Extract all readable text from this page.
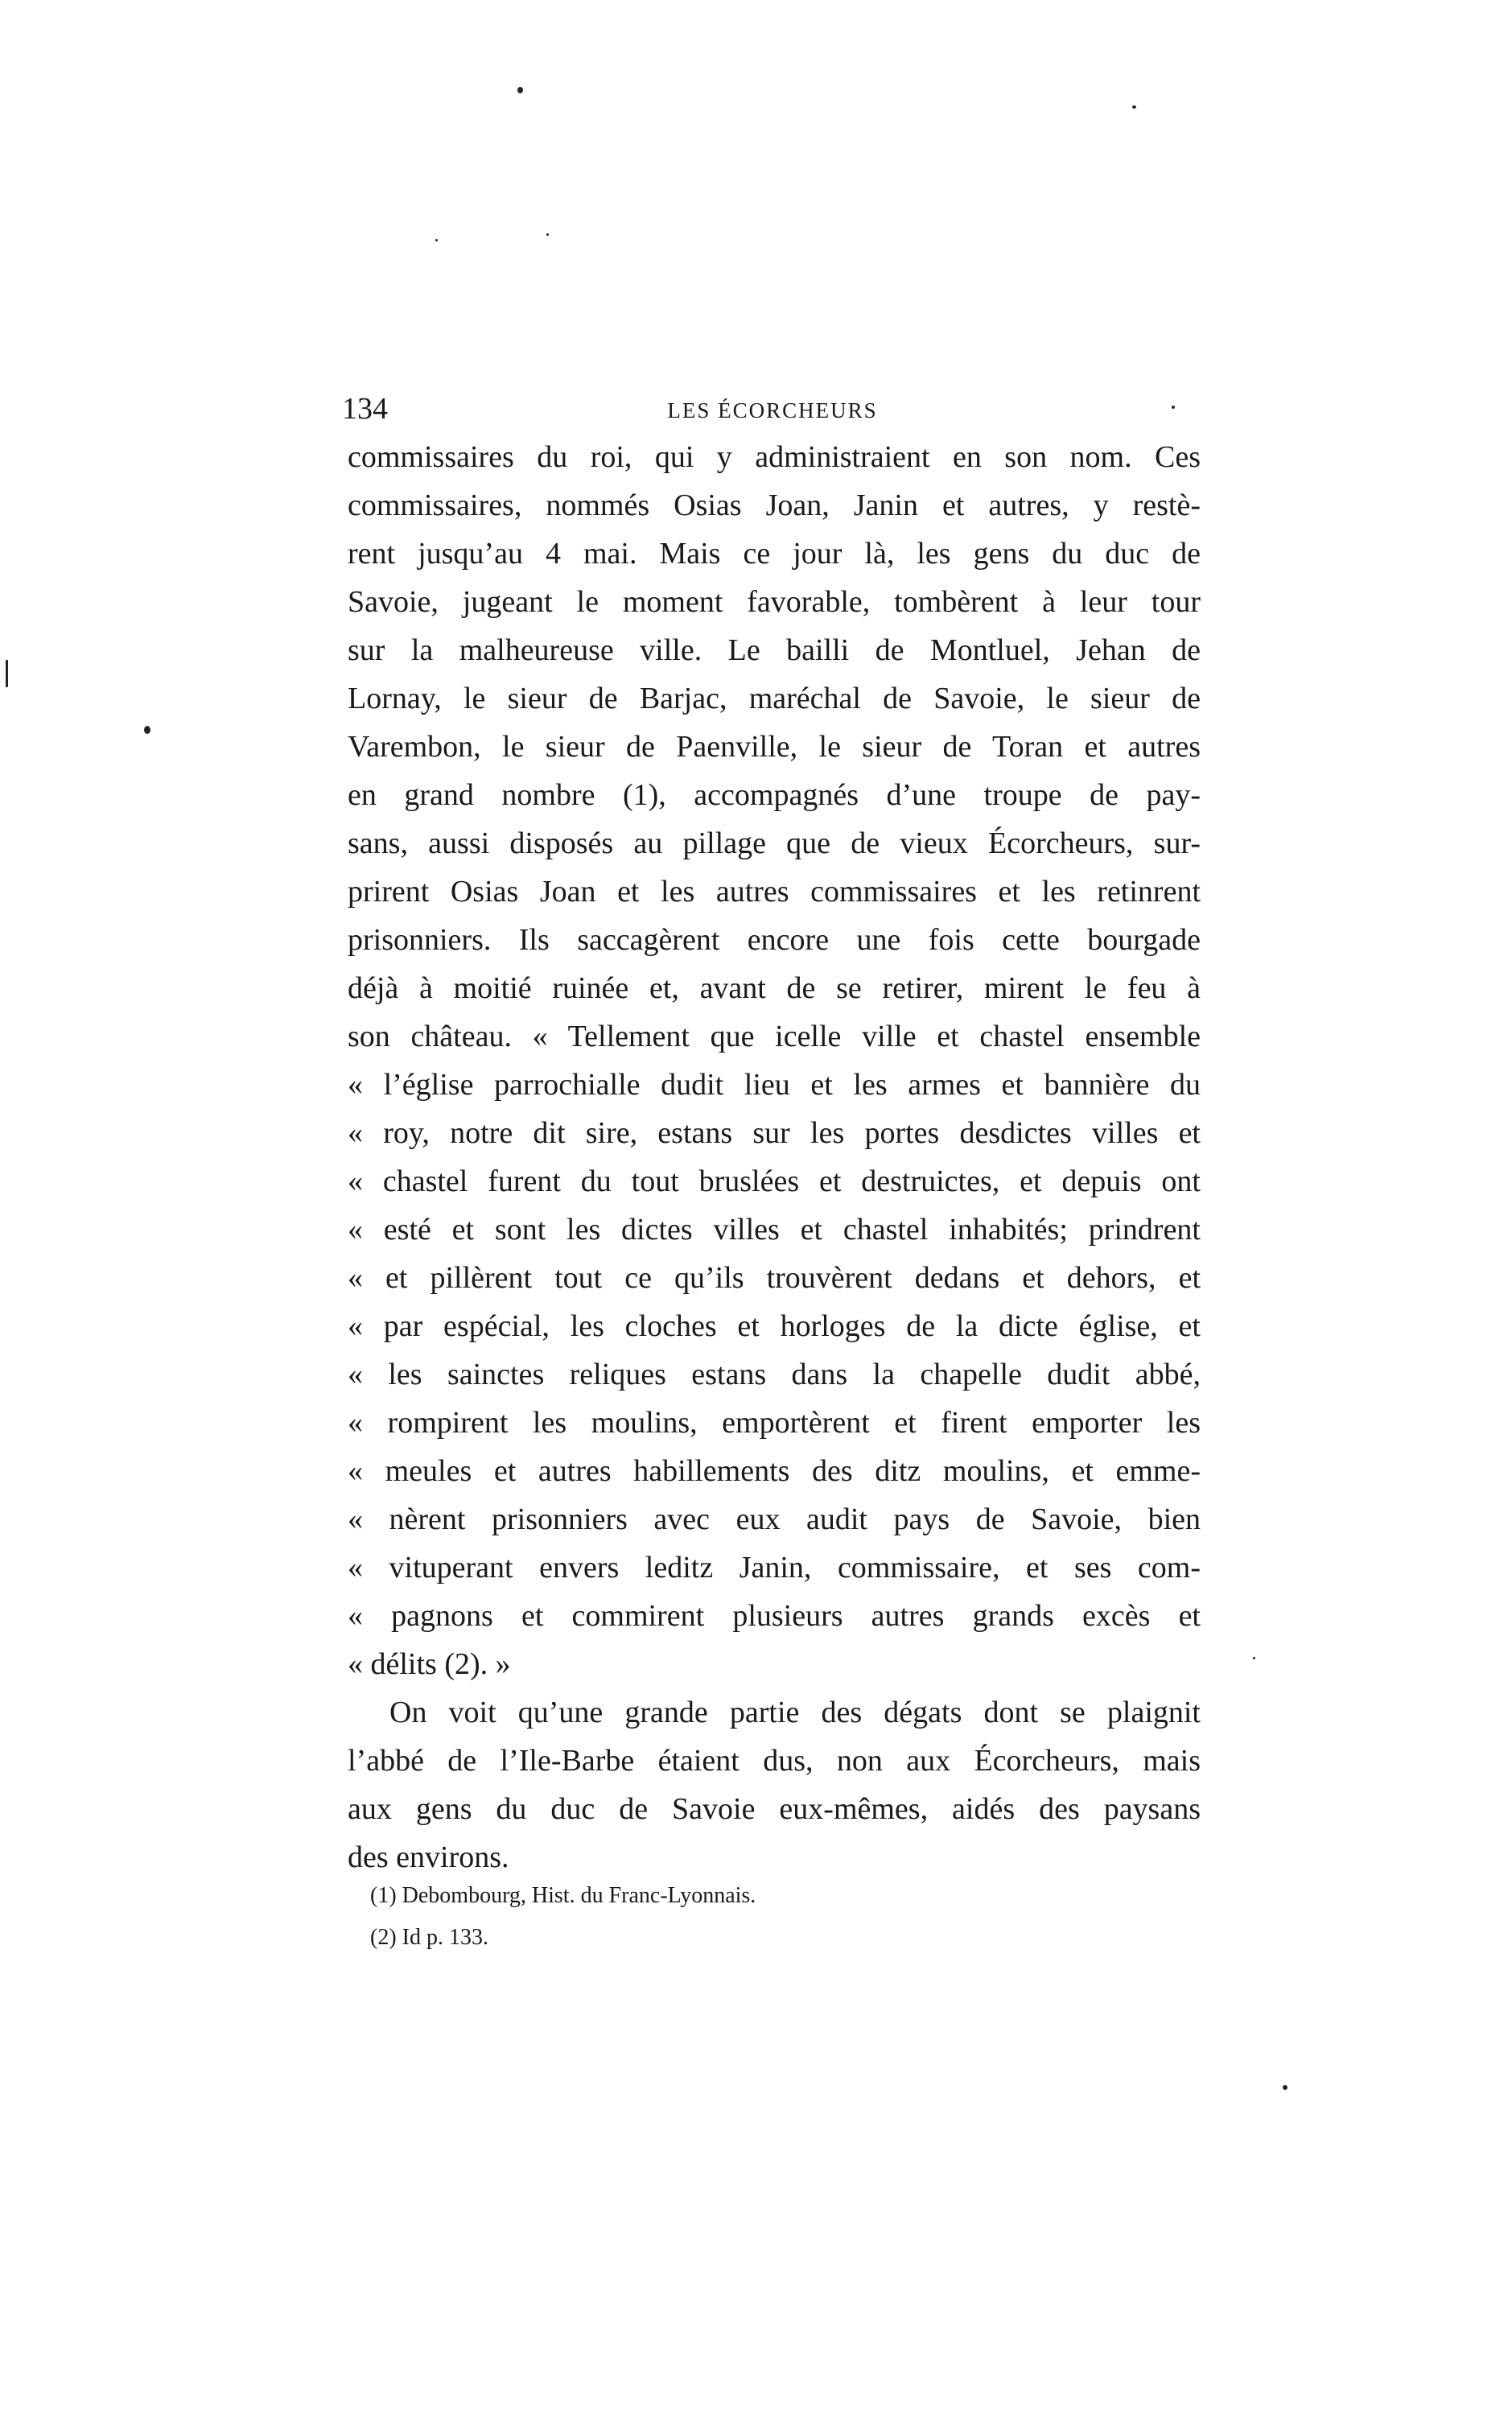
134	LES ÉCORCHEURS
commissaires du roi, qui y administraient en son nom. Ces
commissaires, nommés Osias Joan, Janin et autres, y restè-
rent jusqu’au 4 mai. Mais ce jour là, les gens du duc de
Savoie, jugeant le moment favorable, tombèrent à leur tour
sur la malheureuse ville. Le bailli de Montluel, Jehan de
Lornay, le sieur de Barjac, maréchal de Savoie, le sieur de
Varembon, le sieur de Paenville, le sieur de Toran et autres
en grand nombre (1), accompagnés d’une troupe de pay-
sans, aussi disposés au pillage que de vieux Écorcheurs, sur-
prirent Osias Joan et les autres commissaires et les retinrent
prisonniers. Ils saccagèrent encore une fois cette bourgade
déjà à moitié ruinée et, avant de se retirer, mirent le feu à
son château. « Tellement que icelle ville et chastel ensemble
« l’église parrochialle dudit lieu et les armes et bannière du
« roy, notre dit sire, estans sur les portes desdictes villes et
« chastel furent du tout bruslées et destruictes, et depuis ont
« esté et sont les dictes villes et chastel inhabités; prindrent
« et pillèrent tout ce qu’ils trouvèrent dedans et dehors, et
« par espécial, les cloches et horloges de la dicte église, et
« les sainctes reliques estans dans la chapelle dudit abbé,
« rompirent les moulins, emportèrent et firent emporter les
« meules et autres habillements des ditz moulins, et emme-
« nèrent prisonniers avec eux audit pays de Savoie, bien
« vituperant envers leditz Janin, commissaire, et ses com-
« pagnons et commirent plusieurs autres grands excès et
« délits (2). »
On voit qu’une grande partie des dégats dont se plaignit
l’abbé de l’Ile-Barbe étaient dus, non aux Écorcheurs, mais
aux gens du duc de Savoie eux-mêmes, aidés des paysans
des environs.
(1) Debombourg, Hist. du Franc-Lyonnais.
(2) Id p. 133.
